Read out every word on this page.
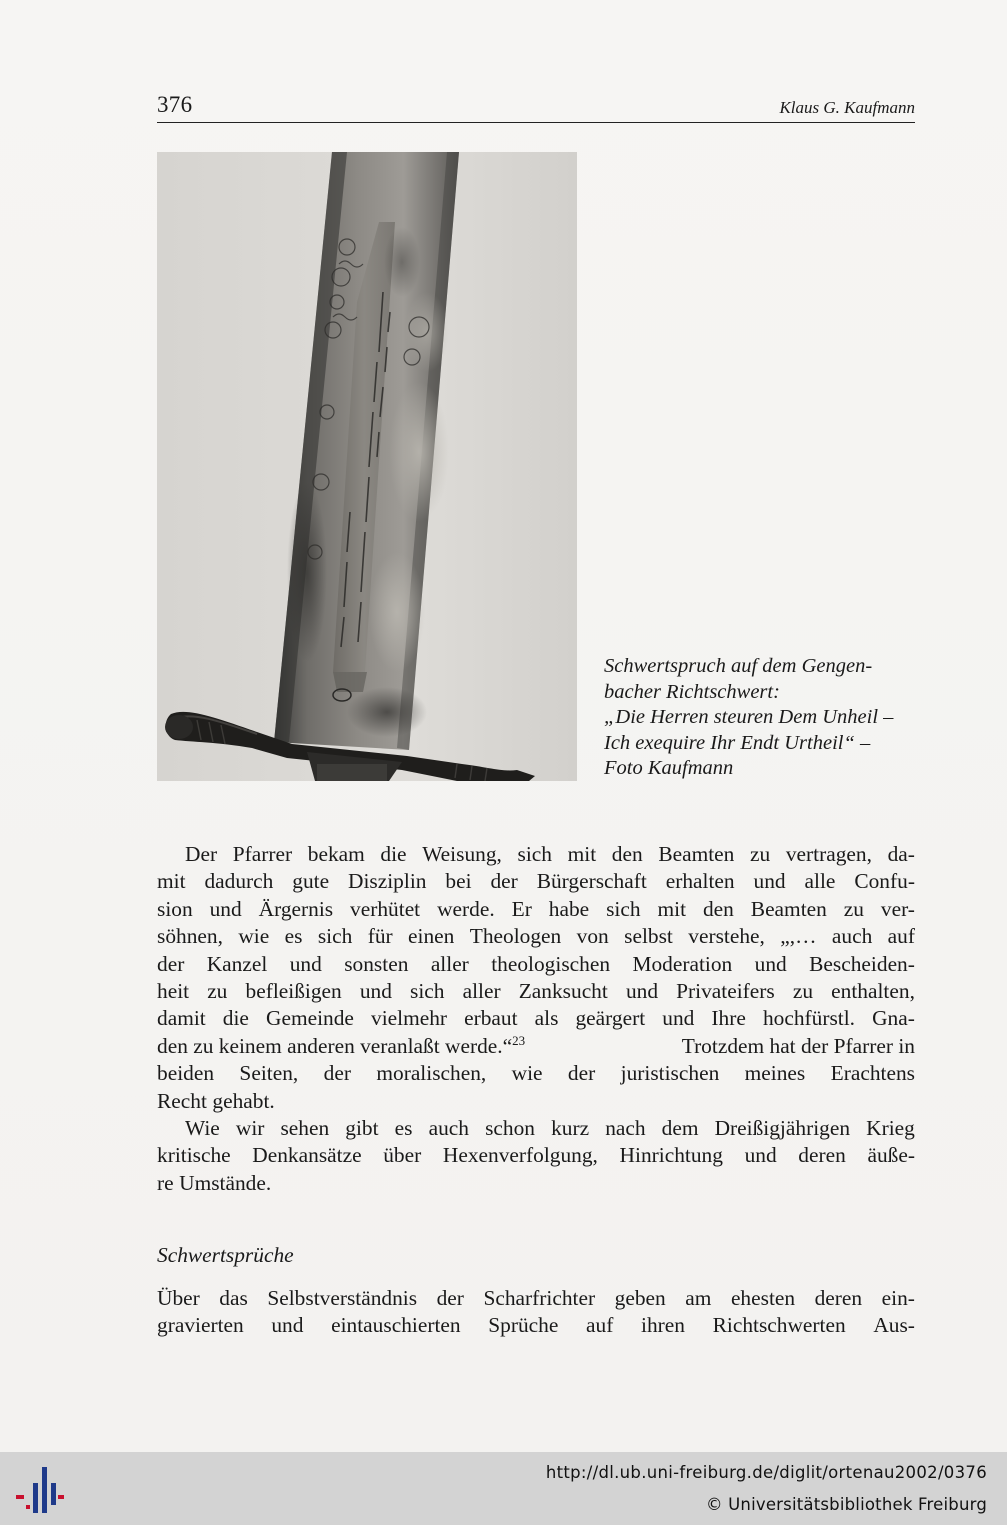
376	Klaus G. Kaufmann
Schwertspruch auf dem Gengen-
bacher Richtschwert:
„Die Herren steuren Dem Unheil –
Ich exequire Ihr Endt Urtheil“ –
Foto Kaufmann
Der Pfarrer bekam die Weisung, sich mit den Beamten zu vertragen, da-
mit dadurch gute Disziplin bei der Bürgerschaft erhalten und alle Confu-
sion und Ärgernis verhütet werde. Er habe sich mit den Beamten zu ver-
söhnen, wie es sich für einen Theologen von selbst verstehe, „,… auch auf
der Kanzel und sonsten aller theologischen Moderation und Bescheiden-
heit zu befleißigen und sich aller Zanksucht und Privateifers zu enthalten,
damit die Gemeinde vielmehr erbaut als geärgert und Ihre hochfürstl. Gna-
den zu keinem anderen veranlaßt werde.“$^{23}$	Trotzdem hat der Pfarrer in
beiden Seiten, der moralischen, wie der juristischen meines Erachtens
Recht gehabt.
Wie wir sehen gibt es auch schon kurz nach dem Dreißigjährigen Krieg
kritische Denkansätze über Hexenverfolgung, Hinrichtung und deren äuße-
re Umstände.
Schwertsprüche
Über das Selbstverständnis der Scharfrichter geben am ehesten deren ein-
gravierten und eintauschierten Sprüche auf ihren Richtschwerten Aus-
http://dl.ub.uni-freiburg.de/diglit/ortenau2002/0376
© Universitätsbibliothek Freiburg
